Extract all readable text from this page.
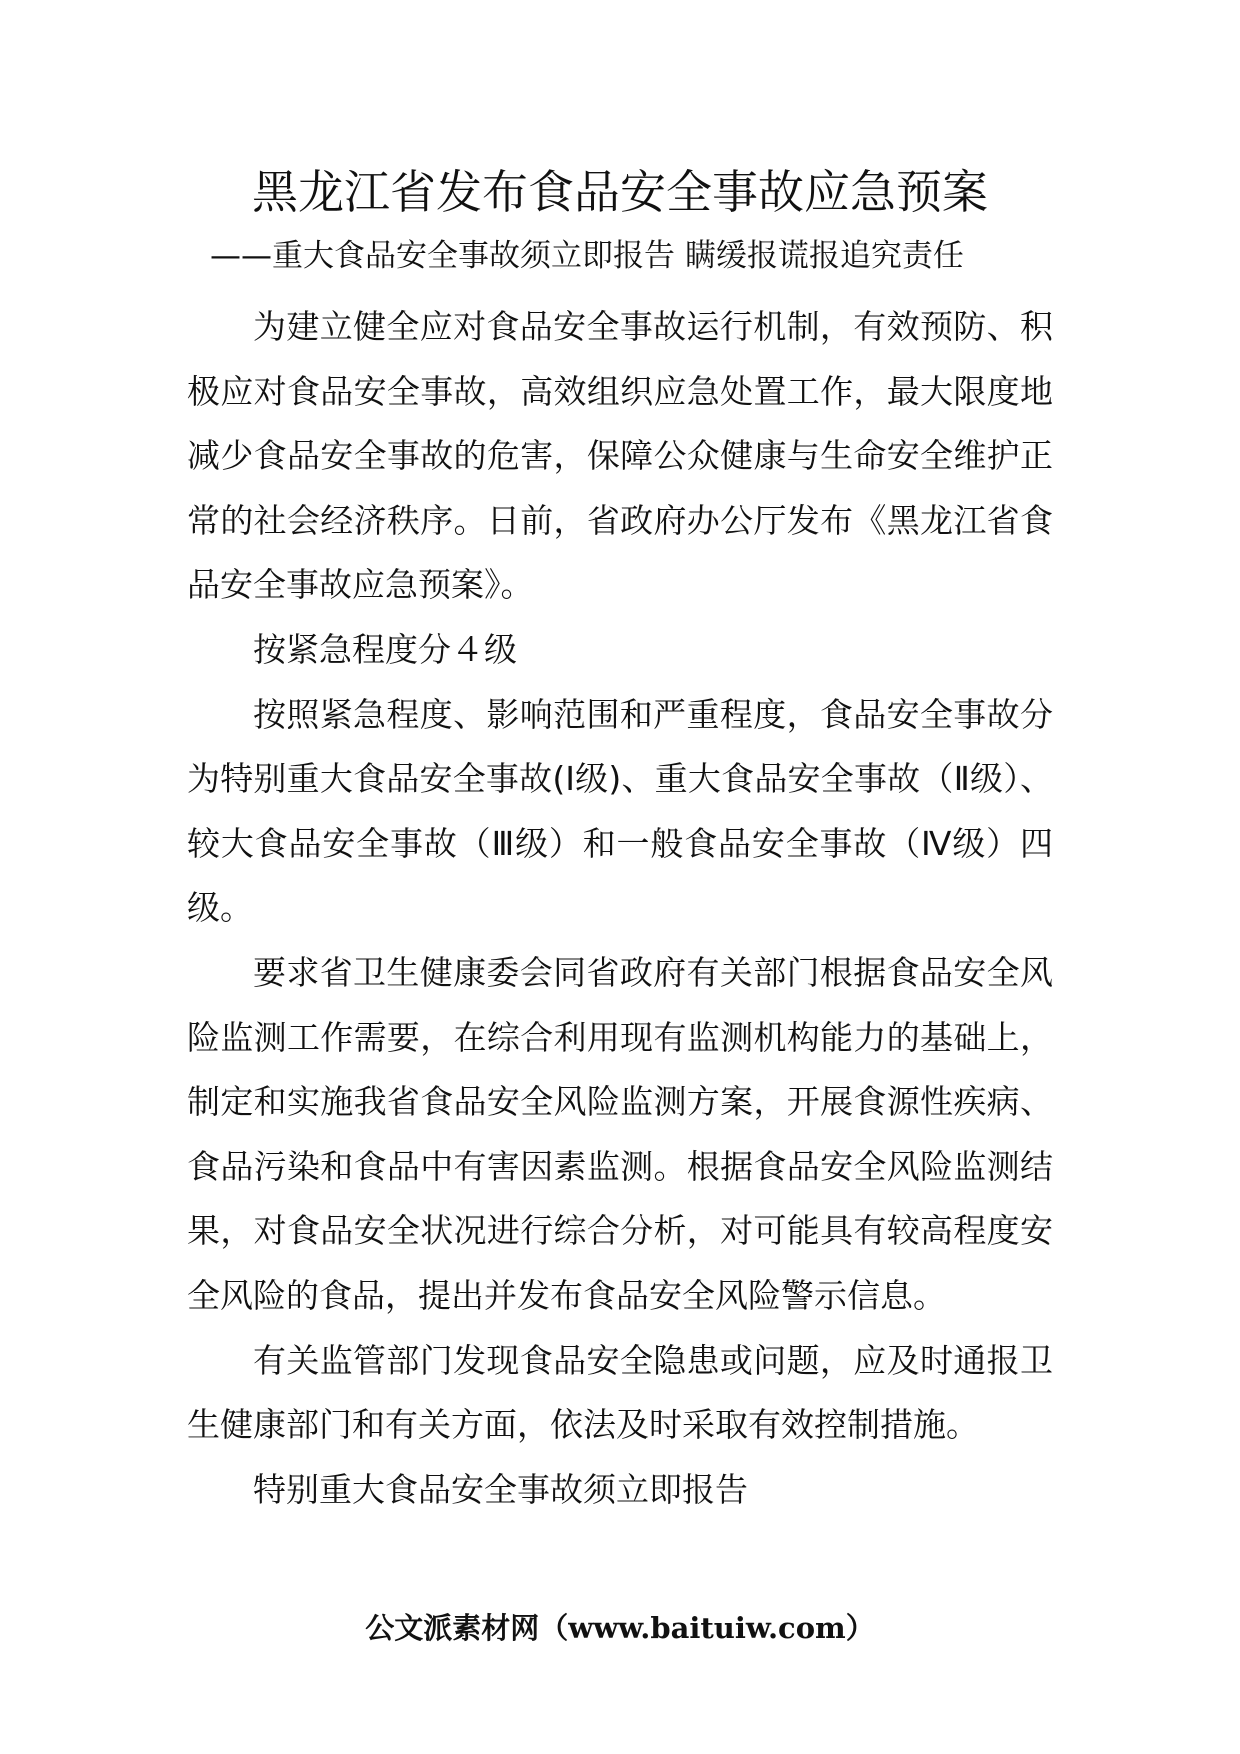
黑龙江省发布食品安全事故应急预案
——重大食品安全事故须立即报告 瞒缓报谎报追究责任

为建立健全应对食品安全事故运行机制，有效预防、积极应对食品安全事故，高效组织应急处置工作，最大限度地减少食品安全事故的危害，保障公众健康与生命安全维护正常的社会经济秩序。日前，省政府办公厅发布《黑龙江省食品安全事故应急预案》。

按紧急程度分４级

按照紧急程度、影响范围和严重程度，食品安全事故分为特别重大食品安全事故(I级)、重大食品安全事故（Ⅱ级）、较大食品安全事故（Ⅲ级）和一般食品安全事故（Ⅳ级）四级。

要求省卫生健康委会同省政府有关部门根据食品安全风险监测工作需要，在综合利用现有监测机构能力的基础上，制定和实施我省食品安全风险监测方案，开展食源性疾病、食品污染和食品中有害因素监测。根据食品安全风险监测结果，对食品安全状况进行综合分析，对可能具有较高程度安全风险的食品，提出并发布食品安全风险警示信息。

有关监管部门发现食品安全隐患或问题，应及时通报卫生健康部门和有关方面，依法及时采取有效控制措施。

特别重大食品安全事故须立即报告

公文派素材网（www.baituiw.com）
